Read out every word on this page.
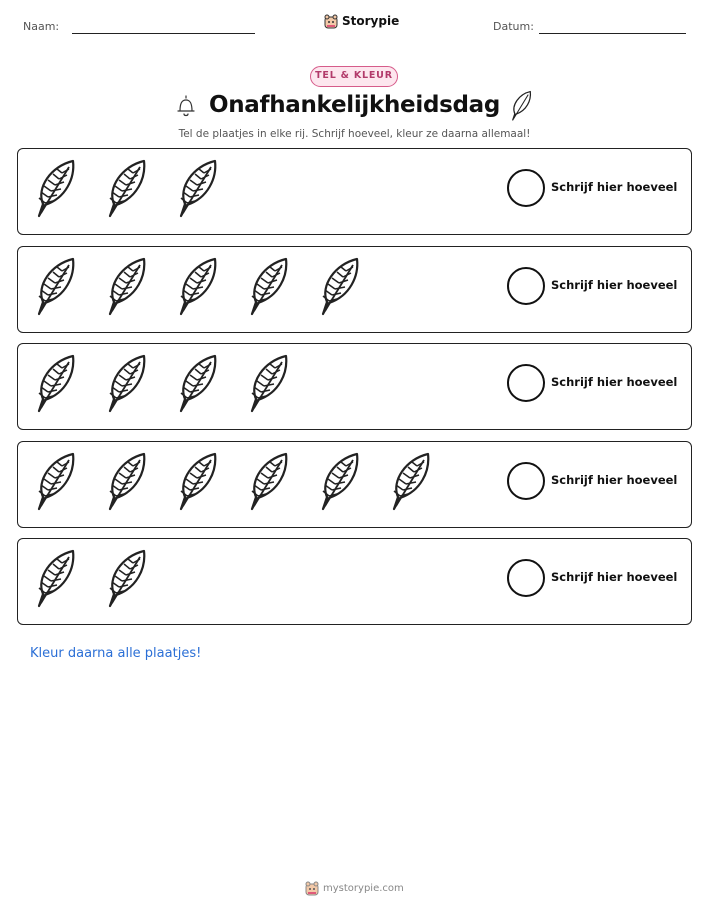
Naam:	Storypie	Datum:
TEL & KLEUR
Onafhankelijkheidsdag
Tel de plaatjes in elke rij. Schrijf hoeveel, kleur ze daarna allemaal!
Schrijf hier hoeveel
Schrijf hier hoeveel
Schrijf hier hoeveel
Schrijf hier hoeveel
Schrijf hier hoeveel
Kleur daarna alle plaatjes!
mystorypie.com
